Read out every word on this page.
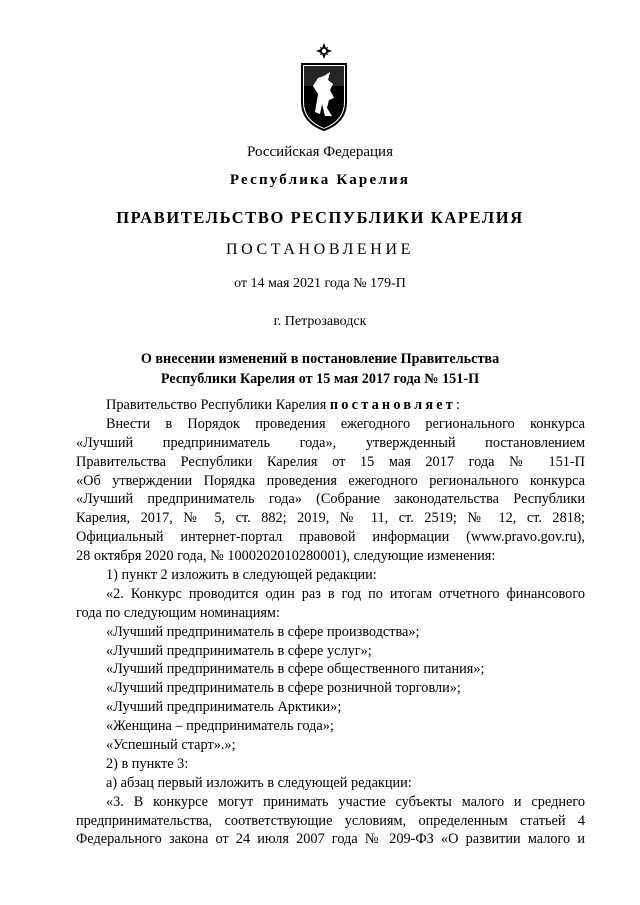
Российская Федерация
Республика Карелия
ПРАВИТЕЛЬСТВО РЕСПУБЛИКИ КАРЕЛИЯ
ПОСТАНОВЛЕНИЕ
от 14 мая 2021 года № 179-П
г. Петрозаводск
О внесении изменений в постановление Правительства
Республики Карелия от 15 мая 2017 года № 151-П
Правительство Республики Карелия постановляет:
Внести в Порядок проведения ежегодного регионального конкурса
«Лучший предприниматель года», утвержденный постановлением
Правительства Республики Карелия от 15 мая 2017 года № 151-П
«Об утверждении Порядка проведения ежегодного регионального конкурса
«Лучший предприниматель года» (Собрание законодательства Республики
Карелия, 2017, № 5, ст. 882; 2019, № 11, ст. 2519; № 12, ст. 2818;
Официальный интернет-портал правовой информации (www.pravo.gov.ru),
28 октября 2020 года, № 1000202010280001), следующие изменения:
1) пункт 2 изложить в следующей редакции:
«2. Конкурс проводится один раз в год по итогам отчетного финансового
года по следующим номинациям:
«Лучший предприниматель в сфере производства»;
«Лучший предприниматель в сфере услуг»;
«Лучший предприниматель в сфере общественного питания»;
«Лучший предприниматель в сфере розничной торговли»;
«Лучший предприниматель Арктики»;
«Женщина – предприниматель года»;
«Успешный старт».»;
2) в пункте 3:
а) абзац первый изложить в следующей редакции:
«3. В конкурсе могут принимать участие субъекты малого и среднего
предпринимательства, соответствующие условиям, определенным статьей 4
Федерального закона от 24 июля 2007 года № 209-ФЗ «О развитии малого и
